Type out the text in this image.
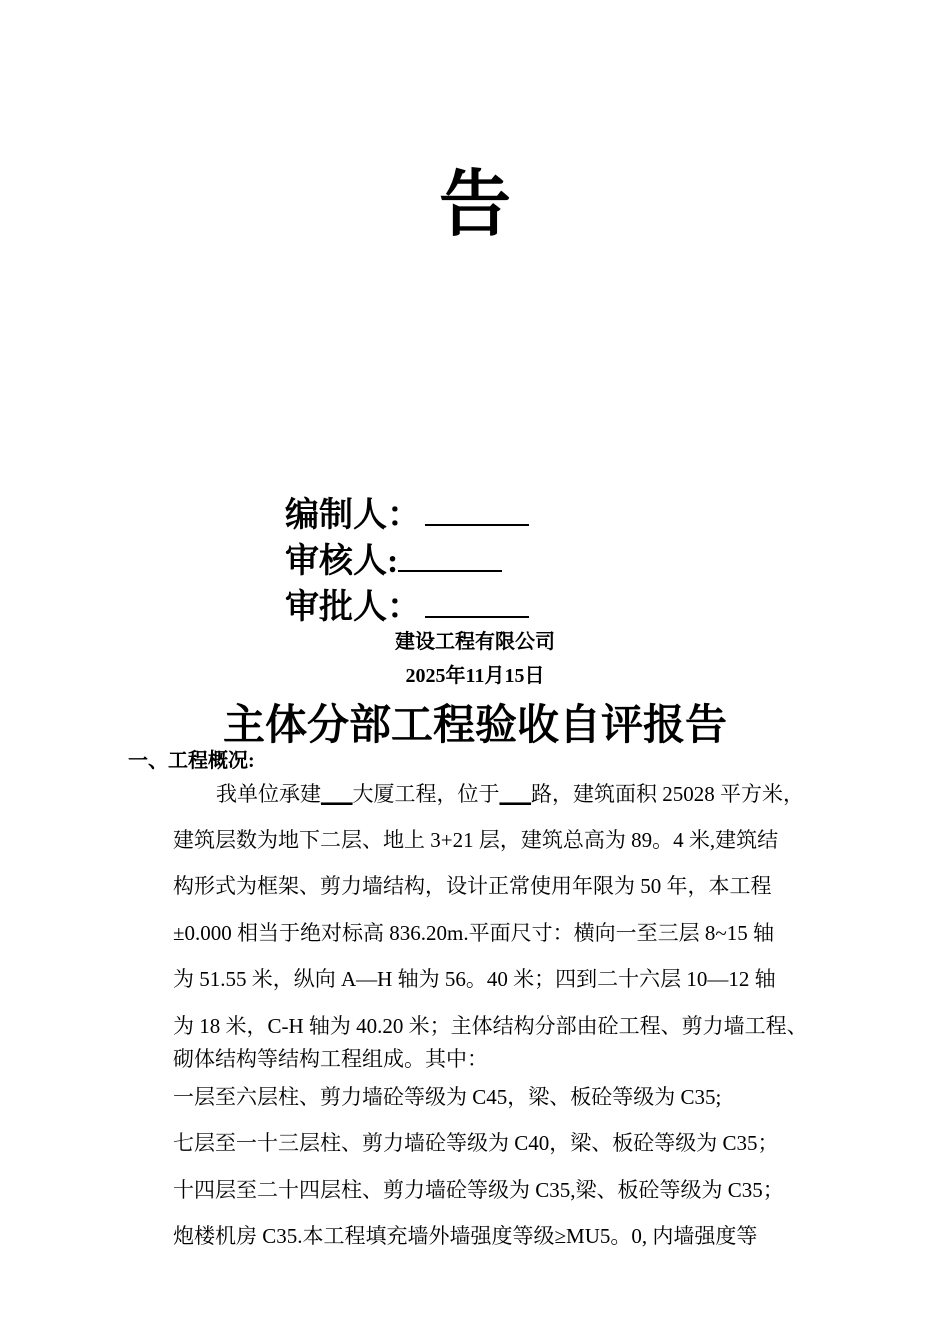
告
编制人：
审核人:
审批人：
建设工程有限公司
2025年11月15日
主体分部工程验收自评报告
一、工程概况:
我单位承建___大厦工程，位于___路，建筑面积 25028 平方米，
建筑层数为地下二层、地上 3+21 层，建筑总高为 89。4 米,建筑结
构形式为框架、剪力墙结构，设计正常使用年限为 50 年，本工程
±0.000 相当于绝对标高 836.20m.平面尺寸：横向一至三层 8~15 轴
为 51.55 米，纵向 A—H 轴为 56。40 米；四到二十六层 10—12 轴
为 18 米，C-H 轴为 40.20 米；主体结构分部由砼工程、剪力墙工程、
砌体结构等结构工程组成。其中：
一层至六层柱、剪力墙砼等级为 C45，梁、板砼等级为 C35;
七层至一十三层柱、剪力墙砼等级为 C40，梁、板砼等级为 C35；
十四层至二十四层柱、剪力墙砼等级为 C35,梁、板砼等级为 C35；
炮楼机房 C35.本工程填充墙外墙强度等级≥MU5。0, 内墙强度等
